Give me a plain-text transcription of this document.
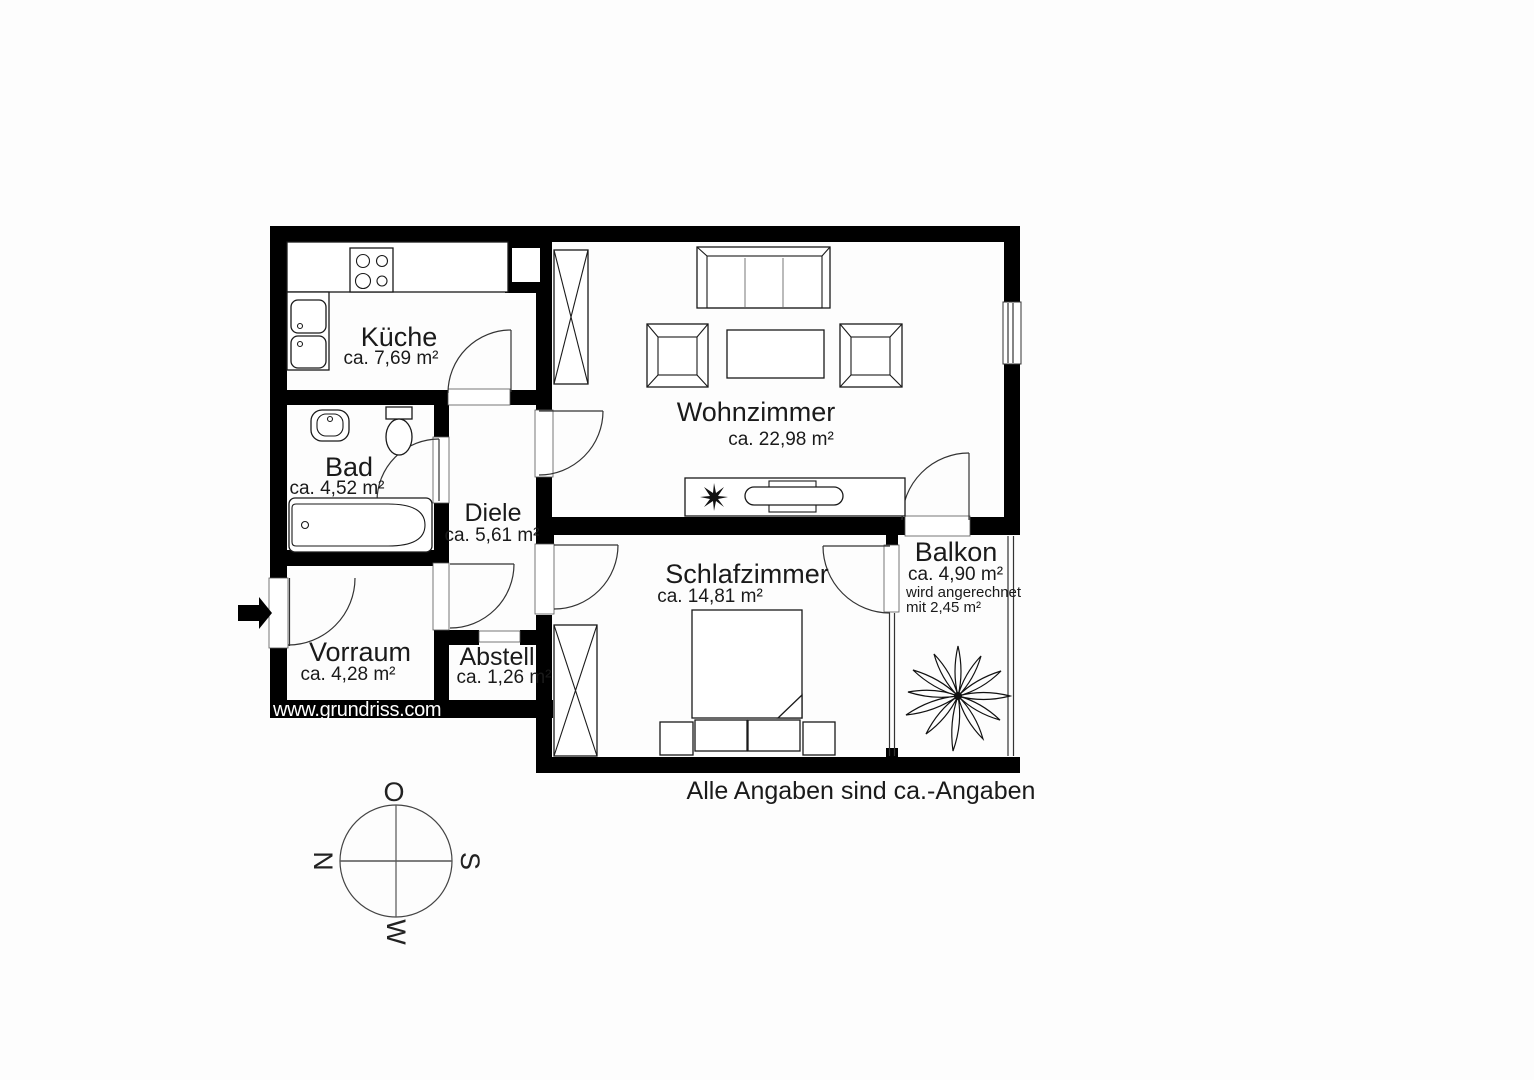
O
N	S
W
Küche
ca. 7,69 m²
Bad
ca. 4,52 m²
Diele
ca. 5,61 m²
Wohnzimmer
ca. 22,98 m²
Schlafzimmer
ca. 14,81 m²
Vorraum
ca. 4,28 m²
Abstell
ca. 1,26 m²
Balkon
ca. 4,90 m²
wird angerechnet
mit 2,45 m²
www.grundriss.com
Alle Angaben sind ca.-Angaben
